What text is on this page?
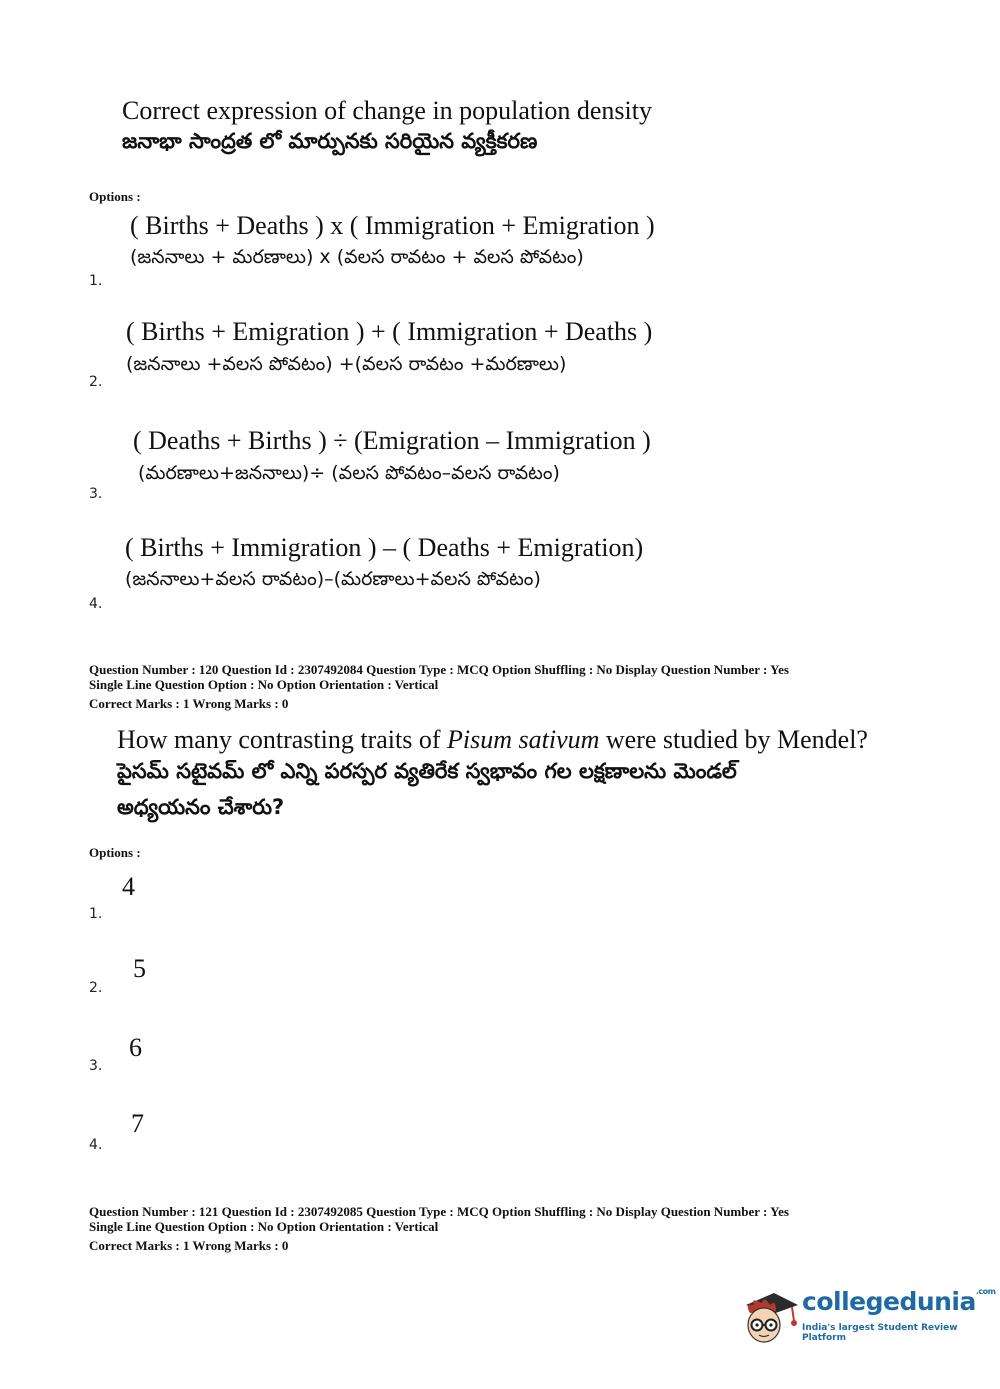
Correct expression of change in population density
జనాభా సాంద్రత లో మార్పునకు సరియైన వ్యక్తీకరణ
Options :
( Births + Deaths ) x ( Immigration + Emigration )
(జననాలు + మరణాలు) x (వలస రావటం + వలస పోవటం)
1.
( Births + Emigration ) + ( Immigration + Deaths )
(జననాలు +వలస పోవటం) +(వలస రావటం +మరణాలు)
2.
( Deaths + Births ) ÷ (Emigration – Immigration )
(మరణాలు+జననాలు)÷ (వలస పోవటం–వలస రావటం)
3.
( Births + Immigration ) – ( Deaths + Emigration)
(జననాలు+వలస రావటం)–(మరణాలు+వలస పోవటం)
4.
Question Number : 120 Question Id : 2307492084 Question Type : MCQ Option Shuffling : No Display Question Number : Yes
Single Line Question Option : No Option Orientation : Vertical
Correct Marks : 1 Wrong Marks : 0
How many contrasting traits of Pisum sativum were studied by Mendel?
పైసమ్ సటైవమ్ లో ఎన్ని పరస్పర వ్యతిరేక స్వభావం గల లక్షణాలను మెండల్
అధ్యయనం చేశారు?
Options :
4
1.
5
2.
6
3.
7
4.
Question Number : 121 Question Id : 2307492085 Question Type : MCQ Option Shuffling : No Display Question Number : Yes
Single Line Question Option : No Option Orientation : Vertical
Correct Marks : 1 Wrong Marks : 0
collegedunia$^{.com}$
India's largest Student Review Platform
